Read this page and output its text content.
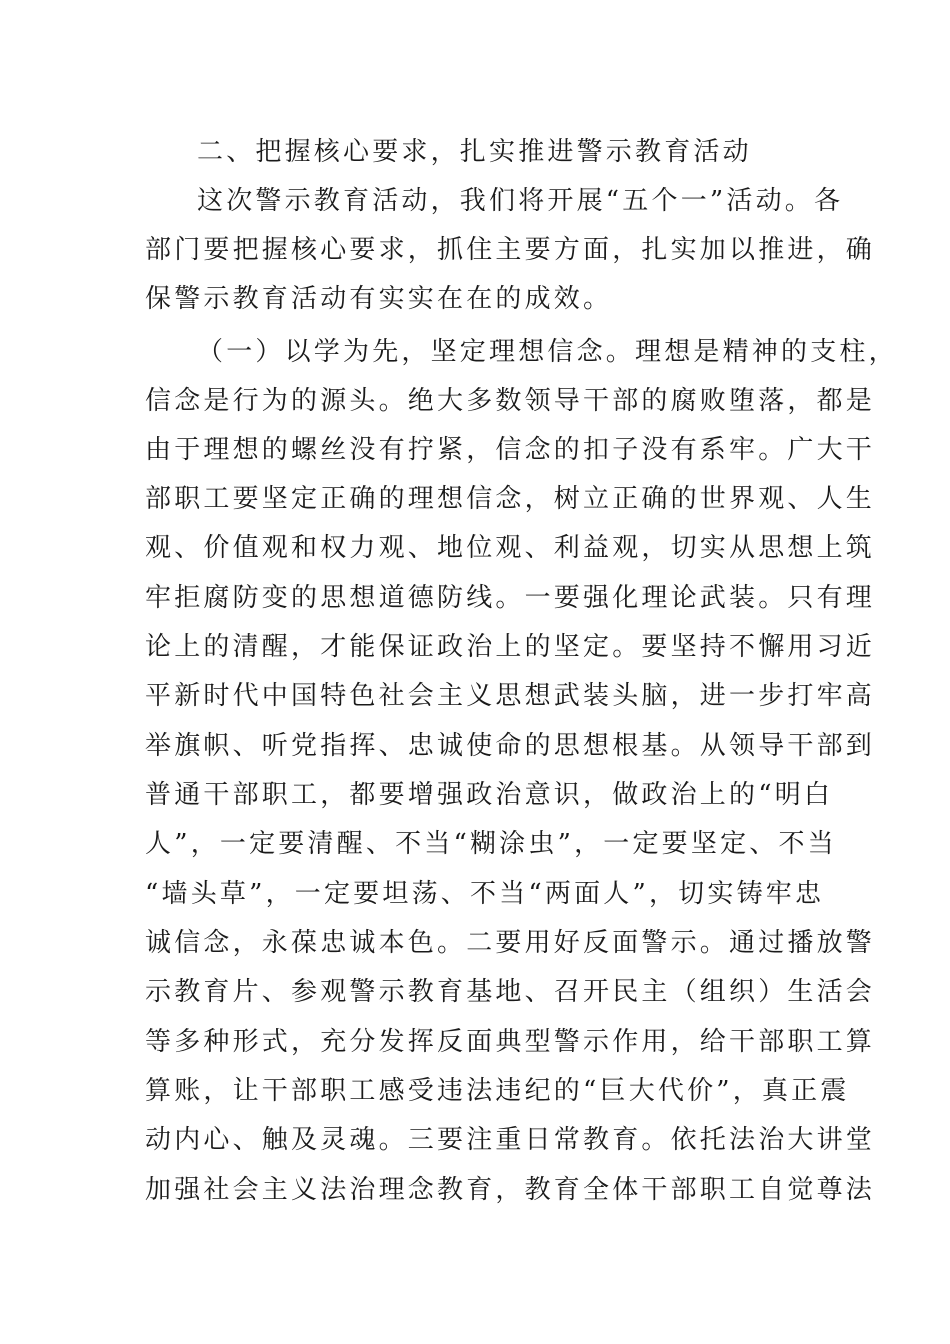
二、把握核心要求，扎实推进警示教育活动
这次警示教育活动，我们将开展“五个一”活动。各
部门要把握核心要求，抓住主要方面，扎实加以推进，确
保警示教育活动有实实在在的成效。
（一）以学为先，坚定理想信念。理想是精神的支柱，
信念是行为的源头。绝大多数领导干部的腐败堕落，都是
由于理想的螺丝没有拧紧，信念的扣子没有系牢。广大干
部职工要坚定正确的理想信念，树立正确的世界观、人生
观、价值观和权力观、地位观、利益观，切实从思想上筑
牢拒腐防变的思想道德防线。一要强化理论武装。只有理
论上的清醒，才能保证政治上的坚定。要坚持不懈用习近
平新时代中国特色社会主义思想武装头脑，进一步打牢高
举旗帜、听党指挥、忠诚使命的思想根基。从领导干部到
普通干部职工，都要增强政治意识，做政治上的“明白
人”，一定要清醒、不当“糊涂虫”，一定要坚定、不当
“墙头草”，一定要坦荡、不当“两面人”，切实铸牢忠
诚信念，永葆忠诚本色。二要用好反面警示。通过播放警
示教育片、参观警示教育基地、召开民主（组织）生活会
等多种形式，充分发挥反面典型警示作用，给干部职工算
算账，让干部职工感受违法违纪的“巨大代价”，真正震
动内心、触及灵魂。三要注重日常教育。依托法治大讲堂
加强社会主义法治理念教育，教育全体干部职工自觉尊法
